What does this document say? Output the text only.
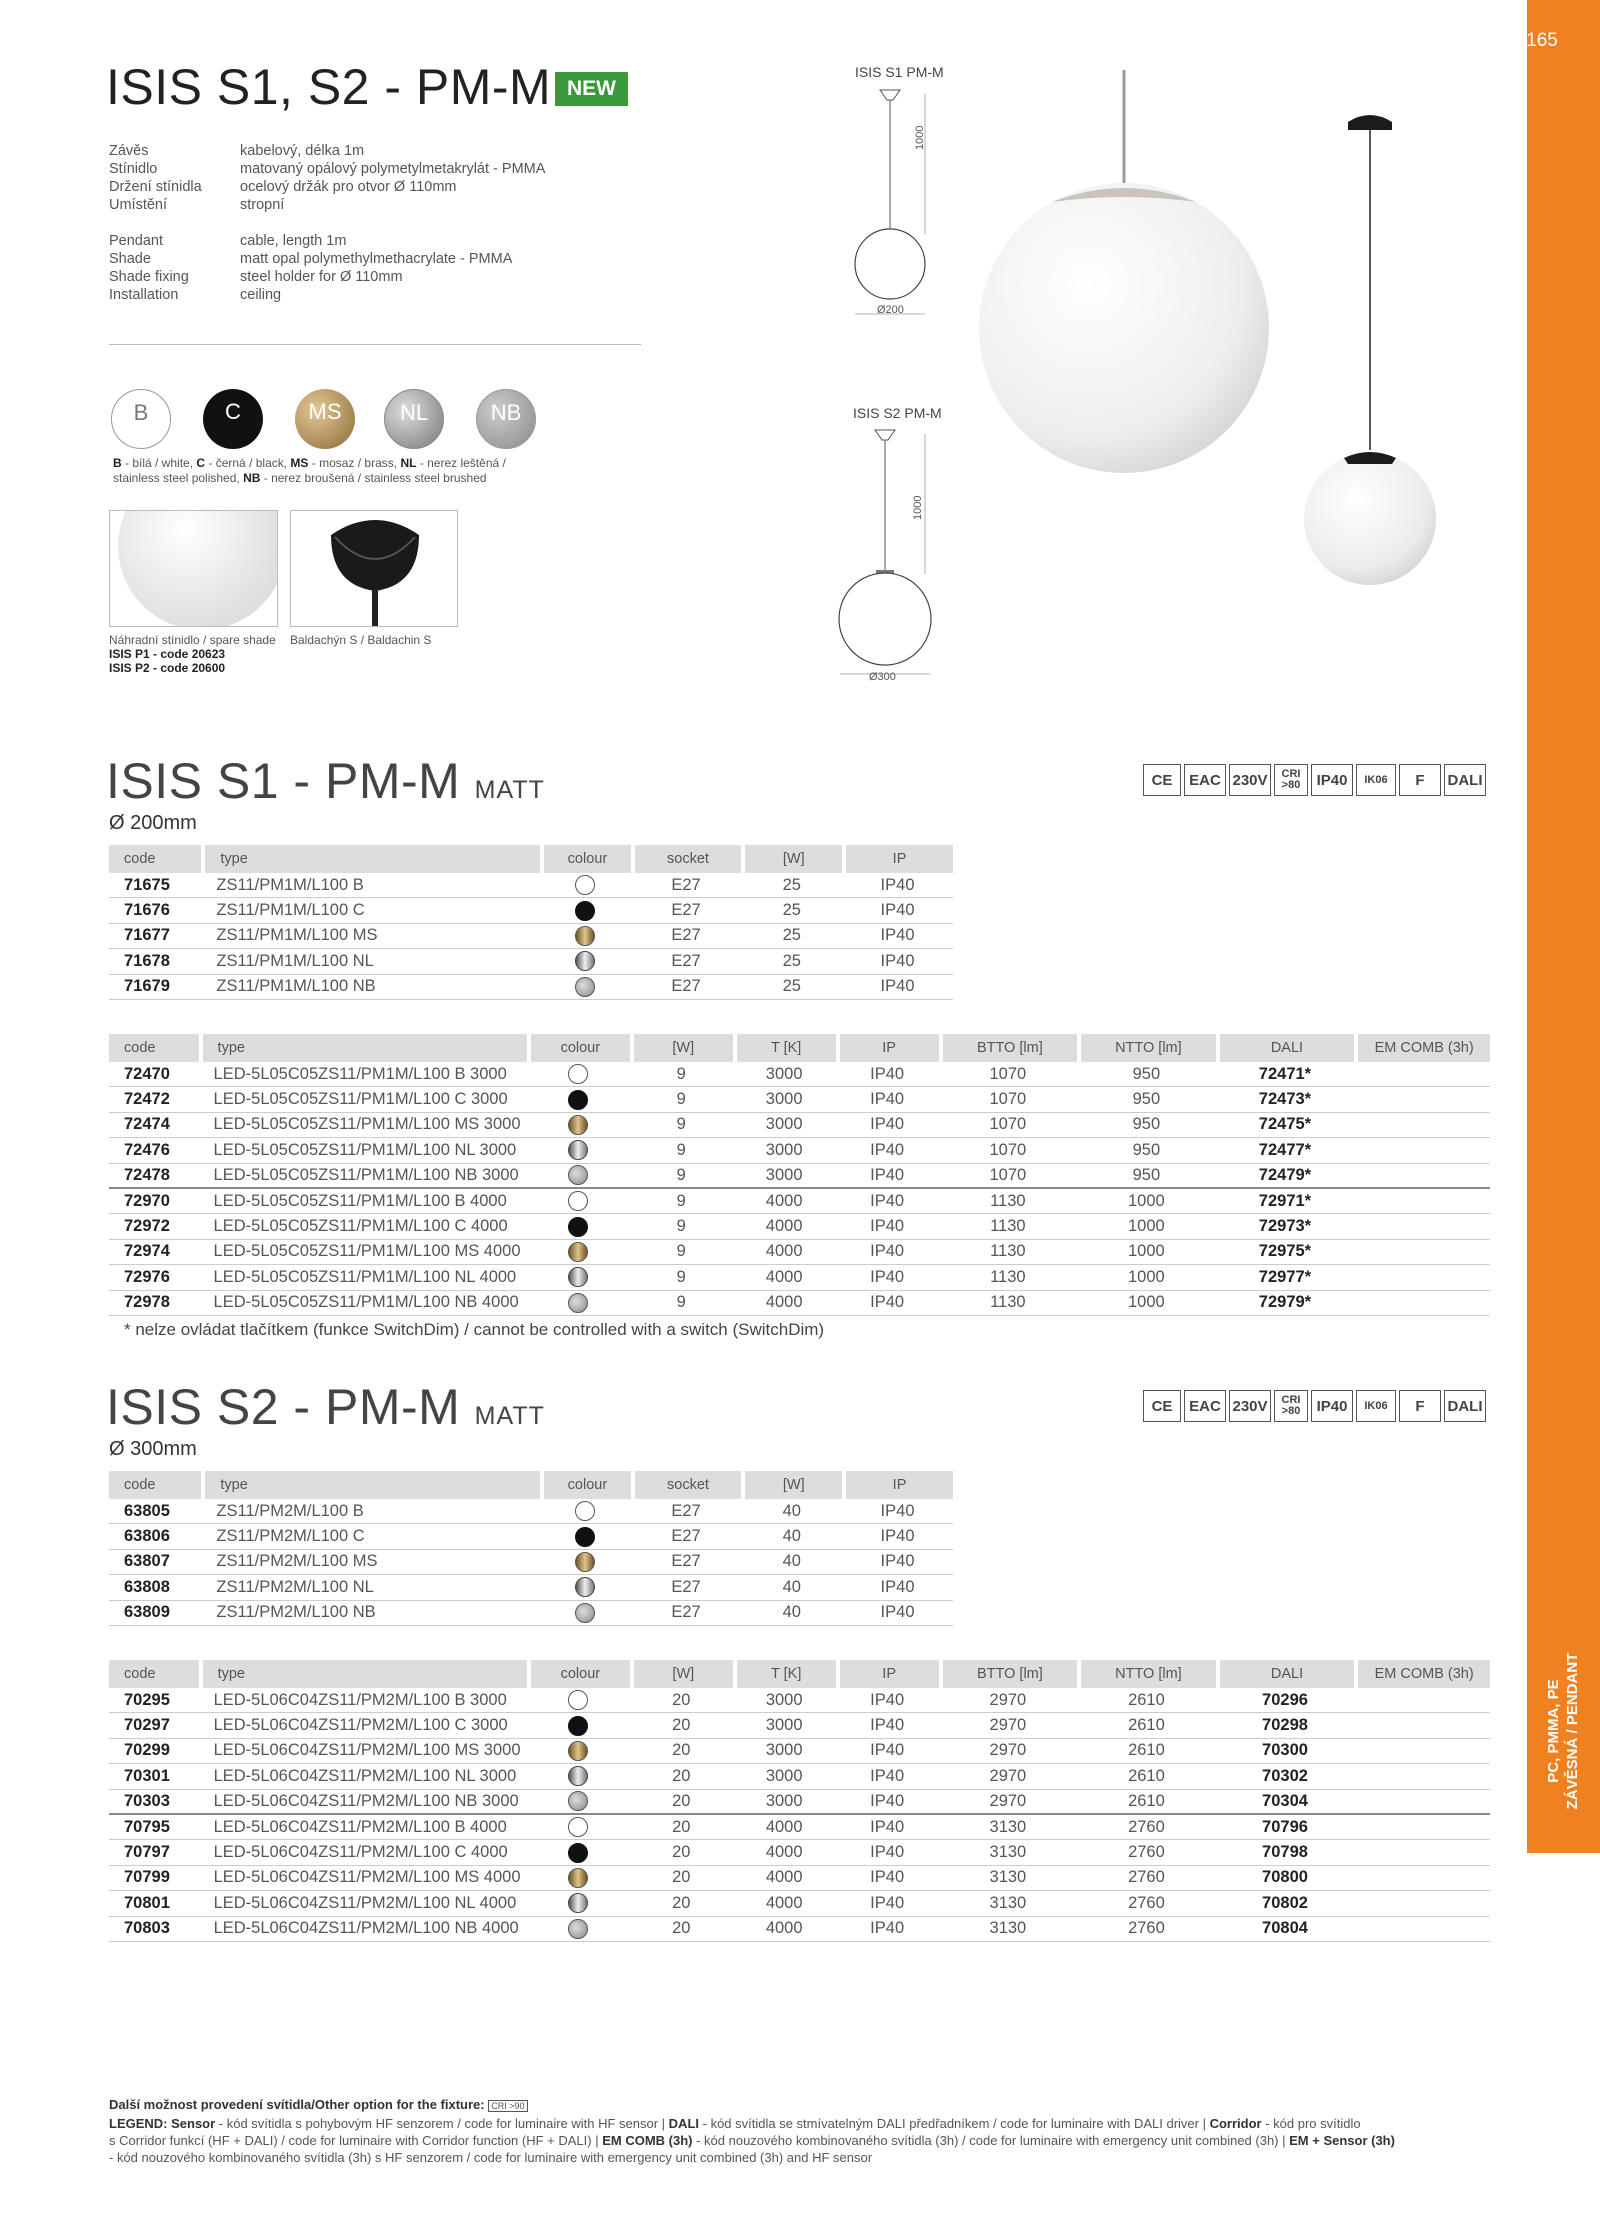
165
PC, PMMA, PE ZÁVĚSNÁ / PENDANT
ISIS S1, S2 - PM-M NEW
Závěs	kabelový, délka 1m
Stínidlo	matovaný opálový polymetylmetakrylát - PMMA
Držení stínidla	ocelový držák pro otvor Ø 110mm
Umístění	stropní
Pendant	cable, length 1m
Shade	matt opal polymethylmethacrylate - PMMA
Shade fixing	steel holder for Ø 110mm
Installation	ceiling
B	C	MS	NL	NB
B - bílá / white, C - černá / black, MS - mosaz / brass, NL - nerez leštěná /
stainless steel polished, NB - nerez broušená / stainless steel brushed
Náhradní stínidlo / spare shade
ISIS P1 - code 20623
ISIS P2 - code 20600
Baldachýn S / Baldachin S
ISIS S1 PM-M
1000
Ø200
ISIS S2 PM-M
1000
Ø300
ISIS S1 - PM-M MATT
Ø 200mm
CE	EAC 230V	CRI >80	IP40	IK06	F	DALI
code	type	colour	socket	[W]	IP
71675	ZS11/PM1M/L100 B		E27	25	IP40
71676	ZS11/PM1M/L100 C		E27	25	IP40
71677	ZS11/PM1M/L100 MS		E27	25	IP40
71678	ZS11/PM1M/L100 NL		E27	25	IP40
71679	ZS11/PM1M/L100 NB		E27	25	IP40
code	type	colour	[W]	T [K]	IP	BTTO [lm]	NTTO [lm]	DALI	EM COMB (3h)
72470	LED-5L05C05ZS11/PM1M/L100 B 3000		9	3000	IP40	1070	950	72471*	
72472	LED-5L05C05ZS11/PM1M/L100 C 3000		9	3000	IP40	1070	950	72473*	
72474	LED-5L05C05ZS11/PM1M/L100 MS 3000		9	3000	IP40	1070	950	72475*	
72476	LED-5L05C05ZS11/PM1M/L100 NL 3000		9	3000	IP40	1070	950	72477*	
72478	LED-5L05C05ZS11/PM1M/L100 NB 3000		9	3000	IP40	1070	950	72479*	
72970	LED-5L05C05ZS11/PM1M/L100 B 4000		9	4000	IP40	1130	1000	72971*	
72972	LED-5L05C05ZS11/PM1M/L100 C 4000		9	4000	IP40	1130	1000	72973*	
72974	LED-5L05C05ZS11/PM1M/L100 MS 4000		9	4000	IP40	1130	1000	72975*	
72976	LED-5L05C05ZS11/PM1M/L100 NL 4000		9	4000	IP40	1130	1000	72977*	
72978	LED-5L05C05ZS11/PM1M/L100 NB 4000		9	4000	IP40	1130	1000	72979*	
* nelze ovládat tlačítkem (funkce SwitchDim) / cannot be controlled with a switch (SwitchDim)
ISIS S2 - PM-M MATT
Ø 300mm
CE	EAC 230V	CRI >80	IP40	IK06	F	DALI
code	type	colour	socket	[W]	IP
63805	ZS11/PM2M/L100 B		E27	40	IP40
63806	ZS11/PM2M/L100 C		E27	40	IP40
63807	ZS11/PM2M/L100 MS		E27	40	IP40
63808	ZS11/PM2M/L100 NL		E27	40	IP40
63809	ZS11/PM2M/L100 NB		E27	40	IP40
code	type	colour	[W]	T [K]	IP	BTTO [lm]	NTTO [lm]	DALI	EM COMB (3h)
70295	LED-5L06C04ZS11/PM2M/L100 B 3000		20	3000	IP40	2970	2610	70296	
70297	LED-5L06C04ZS11/PM2M/L100 C 3000		20	3000	IP40	2970	2610	70298	
70299	LED-5L06C04ZS11/PM2M/L100 MS 3000		20	3000	IP40	2970	2610	70300	
70301	LED-5L06C04ZS11/PM2M/L100 NL 3000		20	3000	IP40	2970	2610	70302	
70303	LED-5L06C04ZS11/PM2M/L100 NB 3000		20	3000	IP40	2970	2610	70304	
70795	LED-5L06C04ZS11/PM2M/L100 B 4000		20	4000	IP40	3130	2760	70796	
70797	LED-5L06C04ZS11/PM2M/L100 C 4000		20	4000	IP40	3130	2760	70798	
70799	LED-5L06C04ZS11/PM2M/L100 MS 4000		20	4000	IP40	3130	2760	70800	
70801	LED-5L06C04ZS11/PM2M/L100 NL 4000		20	4000	IP40	3130	2760	70802	
70803	LED-5L06C04ZS11/PM2M/L100 NB 4000		20	4000	IP40	3130	2760	70804	
Další možnost provedení svítidla/Other option for the fixture: CRI >90
LEGEND: Sensor - kód svítidla s pohybovým HF senzorem / code for luminaire with HF sensor | DALI - kód svítidla se stmívatelným DALI předřadníkem / code for luminaire with DALI driver | Corridor - kód pro svítidlo
s Corridor funkcí (HF + DALI) / code for luminaire with Corridor function (HF + DALI) | EM COMB (3h) - kód nouzového kombinovaného svítidla (3h) / code for luminaire with emergency unit combined (3h) | EM + Sensor (3h)
- kód nouzového kombinovaného svítidla (3h) s HF senzorem / code for luminaire with emergency unit combined (3h) and HF sensor
